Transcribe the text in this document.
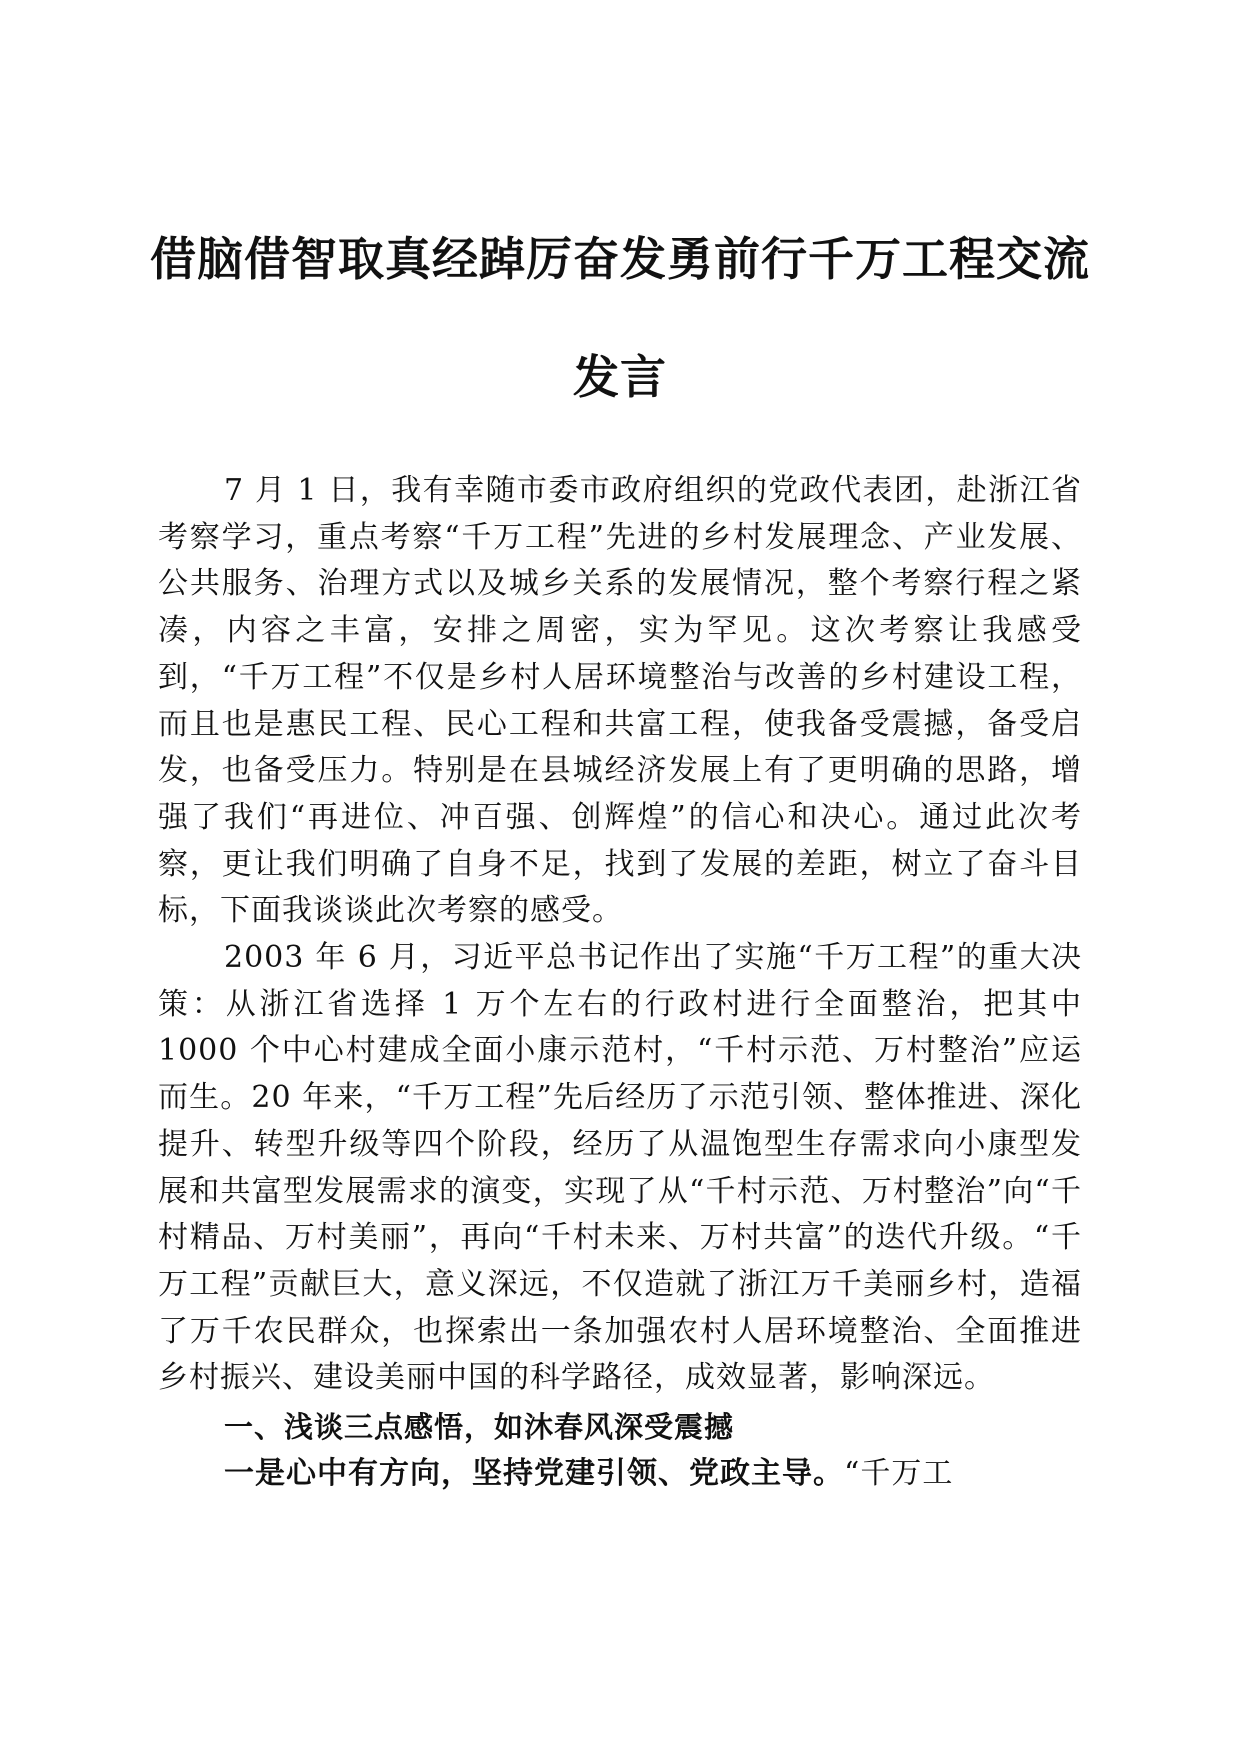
借脑借智取真经踔厉奋发勇前行千万工程交流
发言

7 月 1 日，我有幸随市委市政府组织的党政代表团，赴浙江省考察学习，重点考察“千万工程”先进的乡村发展理念、产业发展、公共服务、治理方式以及城乡关系的发展情况，整个考察行程之紧凑，内容之丰富，安排之周密，实为罕见。这次考察让我感受到，“千万工程”不仅是乡村人居环境整治与改善的乡村建设工程，而且也是惠民工程、民心工程和共富工程，使我备受震撼，备受启发，也备受压力。特别是在县城经济发展上有了更明确的思路，增强了我们“再进位、冲百强、创辉煌”的信心和决心。通过此次考察，更让我们明确了自身不足，找到了发展的差距，树立了奋斗目标，下面我谈谈此次考察的感受。

2003 年 6 月，习近平总书记作出了实施“千万工程”的重大决策：从浙江省选择 1 万个左右的行政村进行全面整治，把其中 1000 个中心村建成全面小康示范村，“千村示范、万村整治”应运而生。20 年来，“千万工程”先后经历了示范引领、整体推进、深化提升、转型升级等四个阶段，经历了从温饱型生存需求向小康型发展和共富型发展需求的演变，实现了从“千村示范、万村整治”向“千村精品、万村美丽”，再向“千村未来、万村共富”的迭代升级。“千万工程”贡献巨大，意义深远，不仅造就了浙江万千美丽乡村，造福了万千农民群众，也探索出一条加强农村人居环境整治、全面推进乡村振兴、建设美丽中国的科学路径，成效显著，影响深远。

一、浅谈三点感悟，如沐春风深受震撼

一是心中有方向，坚持党建引领、党政主导。“千万工
